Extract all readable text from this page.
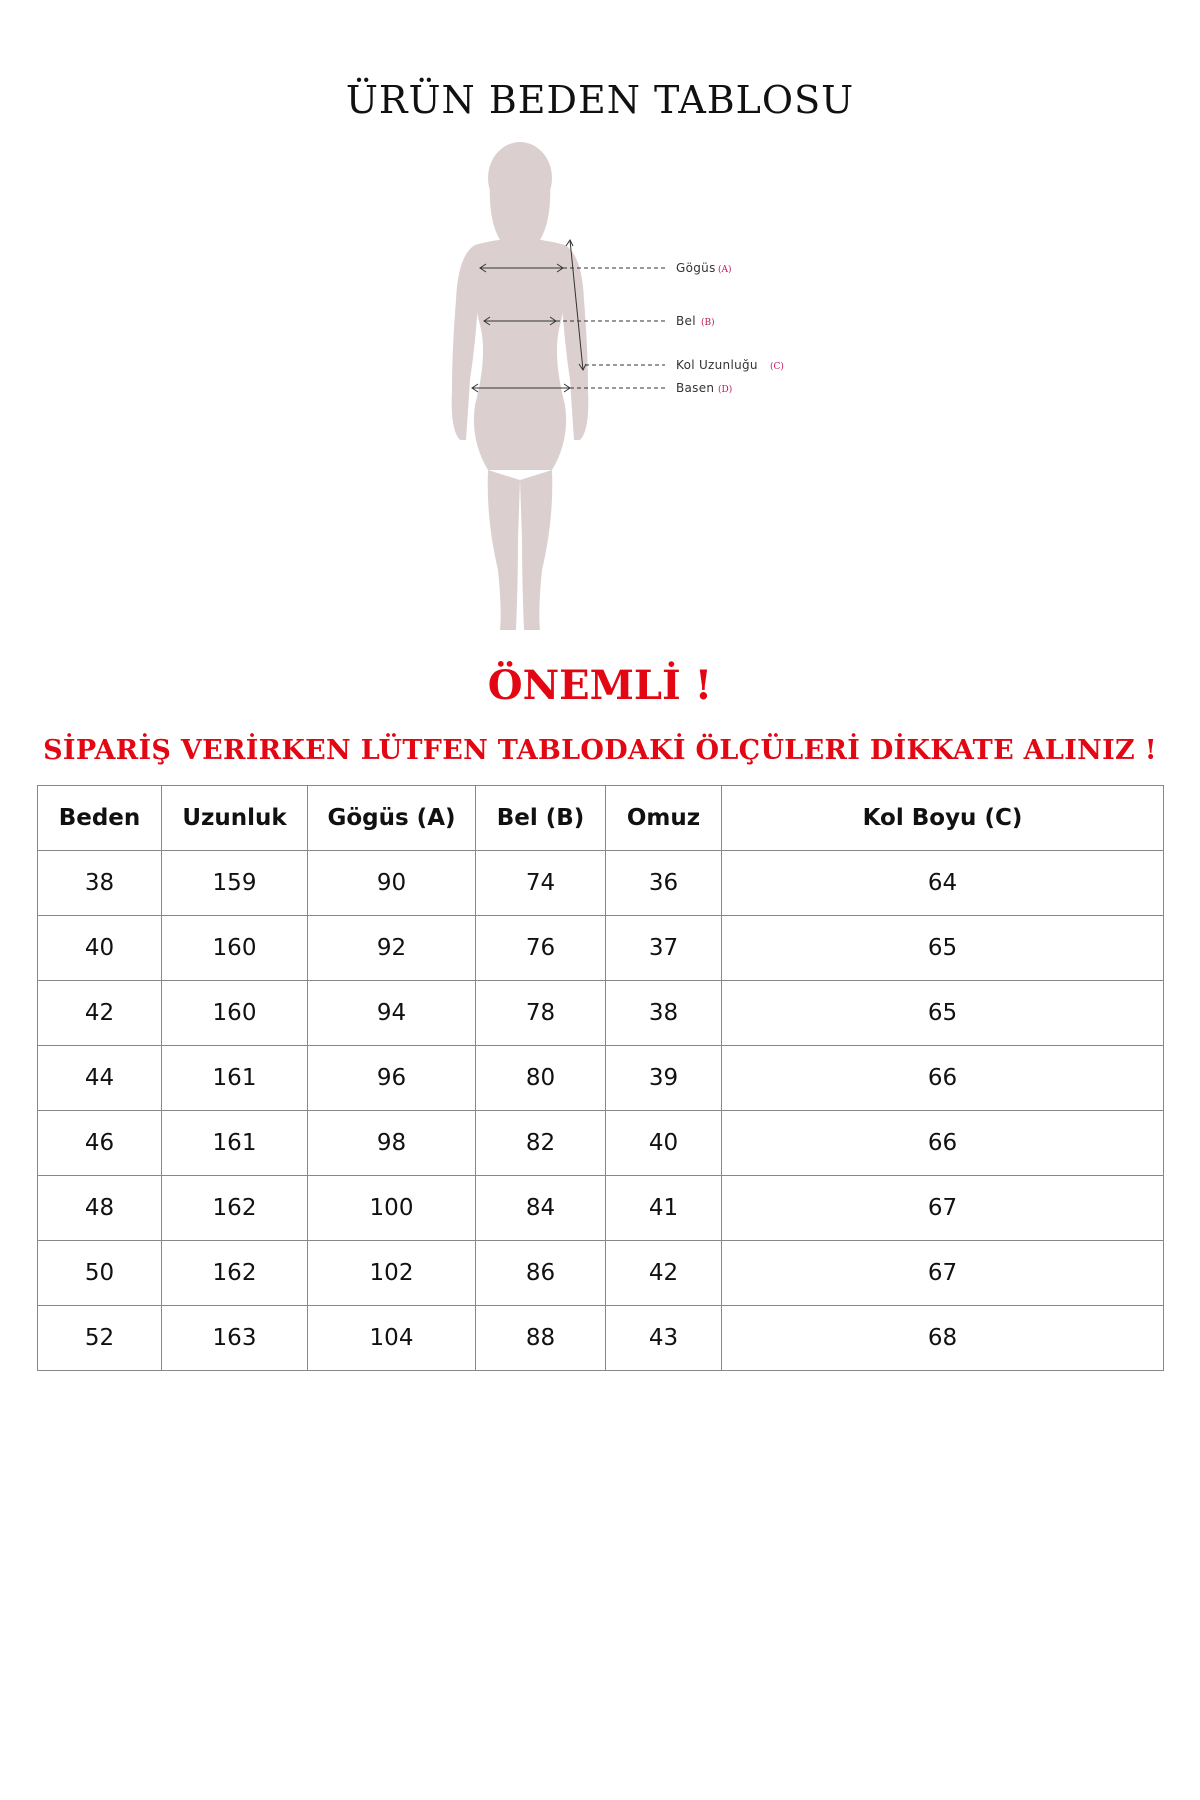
ÜRÜN BEDEN TABLOSU
Gögüs (A)
Bel (B)
Kol Uzunluğu (C)
Basen (D)
ÖNEMLİ !
SİPARİŞ VERİRKEN LÜTFEN TABLODAKİ ÖLÇÜLERİ DİKKATE ALINIZ !
Beden	Uzunluk	Gögüs (A)	Bel (B)	Omuz	Kol Boyu (C)
38	159	90	74	36	64
40	160	92	76	37	65
42	160	94	78	38	65
44	161	96	80	39	66
46	161	98	82	40	66
48	162	100	84	41	67
50	162	102	86	42	67
52	163	104	88	43	68
